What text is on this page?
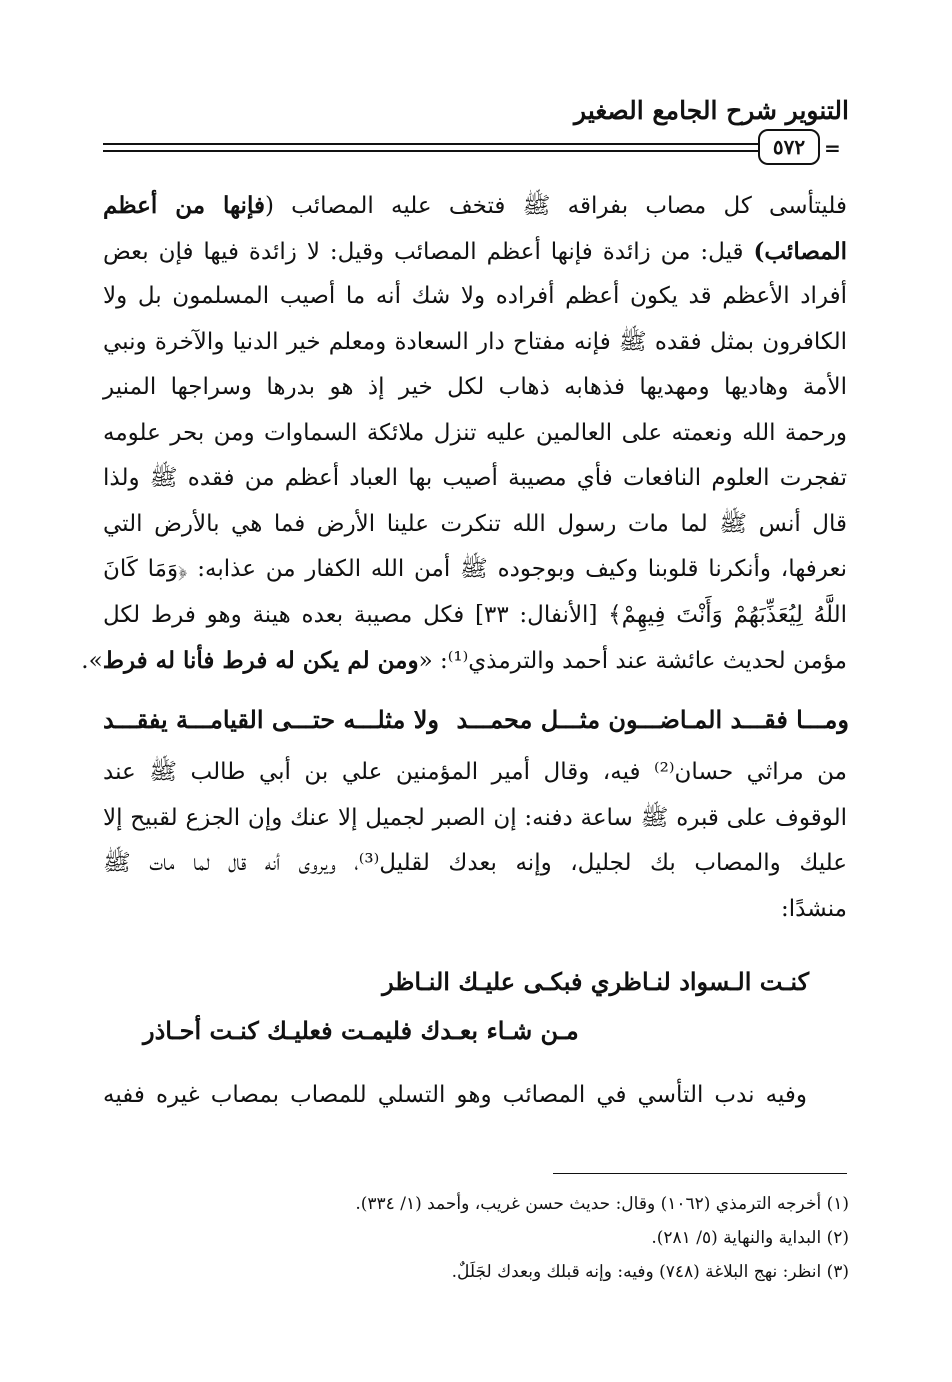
التنوير شرح الجامع الصغير
٥٧٢ =
فليتأسى كل مصاب بفراقه ﷺ فتخف عليه المصائب (فإنها من أعظم
المصائب) قيل: من زائدة فإنها أعظم المصائب وقيل: لا زائدة فيها فإن بعض
أفراد الأعظم قد يكون أعظم أفراده ولا شك أنه ما أصيب المسلمون بل ولا
الكافرون بمثل فقده ﷺ فإنه مفتاح دار السعادة ومعلم خير الدنيا والآخرة ونبي
الأمة وهاديها ومهديها فذهابه ذهاب لكل خير إذ هو بدرها وسراجها المنير
ورحمة الله ونعمته على العالمين عليه تنزل ملائكة السماوات ومن بحر علومه
تفجرت العلوم النافعات فأي مصيبة أصيب بها العباد أعظم من فقده ﷺ ولذا
قال أنس ﷺ لما مات رسول الله تنكرت علينا الأرض فما هي بالأرض التي
نعرفها، وأنكرنا قلوبنا وكيف وبوجوده ﷺ أمن الله الكفار من عذابه: ﴿وَمَا كَانَ
اللَّهُ لِيُعَذِّبَهُمْ وَأَنْتَ فِيهِمْ﴾ [الأنفال: ٣٣] فكل مصيبة بعده هينة وهو فرط لكل
مؤمن لحديث عائشة عند أحمد والترمذي⁽¹⁾: «ومن لم يكن له فرط فأنا له فرط».
ومـــا فقـــد المـاضـــون مثـــل محمـــد
ولا مثلـــه حتـــى القيامـــة يفقـــد
من مراثي حسان⁽²⁾ فيه، وقال أمير المؤمنين علي بن أبي طالب ﷺ عند
الوقوف على قبره ﷺ ساعة دفنه: إن الصبر لجميل إلا عنك وإن الجزع لقبيح إلا
عليك والمصاب بك لجليل، وإنه بعدك لقليل⁽³⁾، ويروى أنه قال لما مات ﷺ
منشدًا:
كنـت الـسواد لنـاظري فبكـى عليـك النـاظر
مـن شـاء بعـدك فليمـت فعليـك كنـت أحـاذر
وفيه ندب التأسي في المصائب وهو التسلي للمصاب بمصاب غيره ففيه
(١) أخرجه الترمذي (١٠٦٢) وقال: حديث حسن غريب، وأحمد (١/ ٣٣٤).
(٢) البداية والنهاية (٥/ ٢٨١).
(٣) انظر: نهج البلاغة (٧٤٨) وفيه: وإنه قبلك وبعدك لجَلَلٌ.
